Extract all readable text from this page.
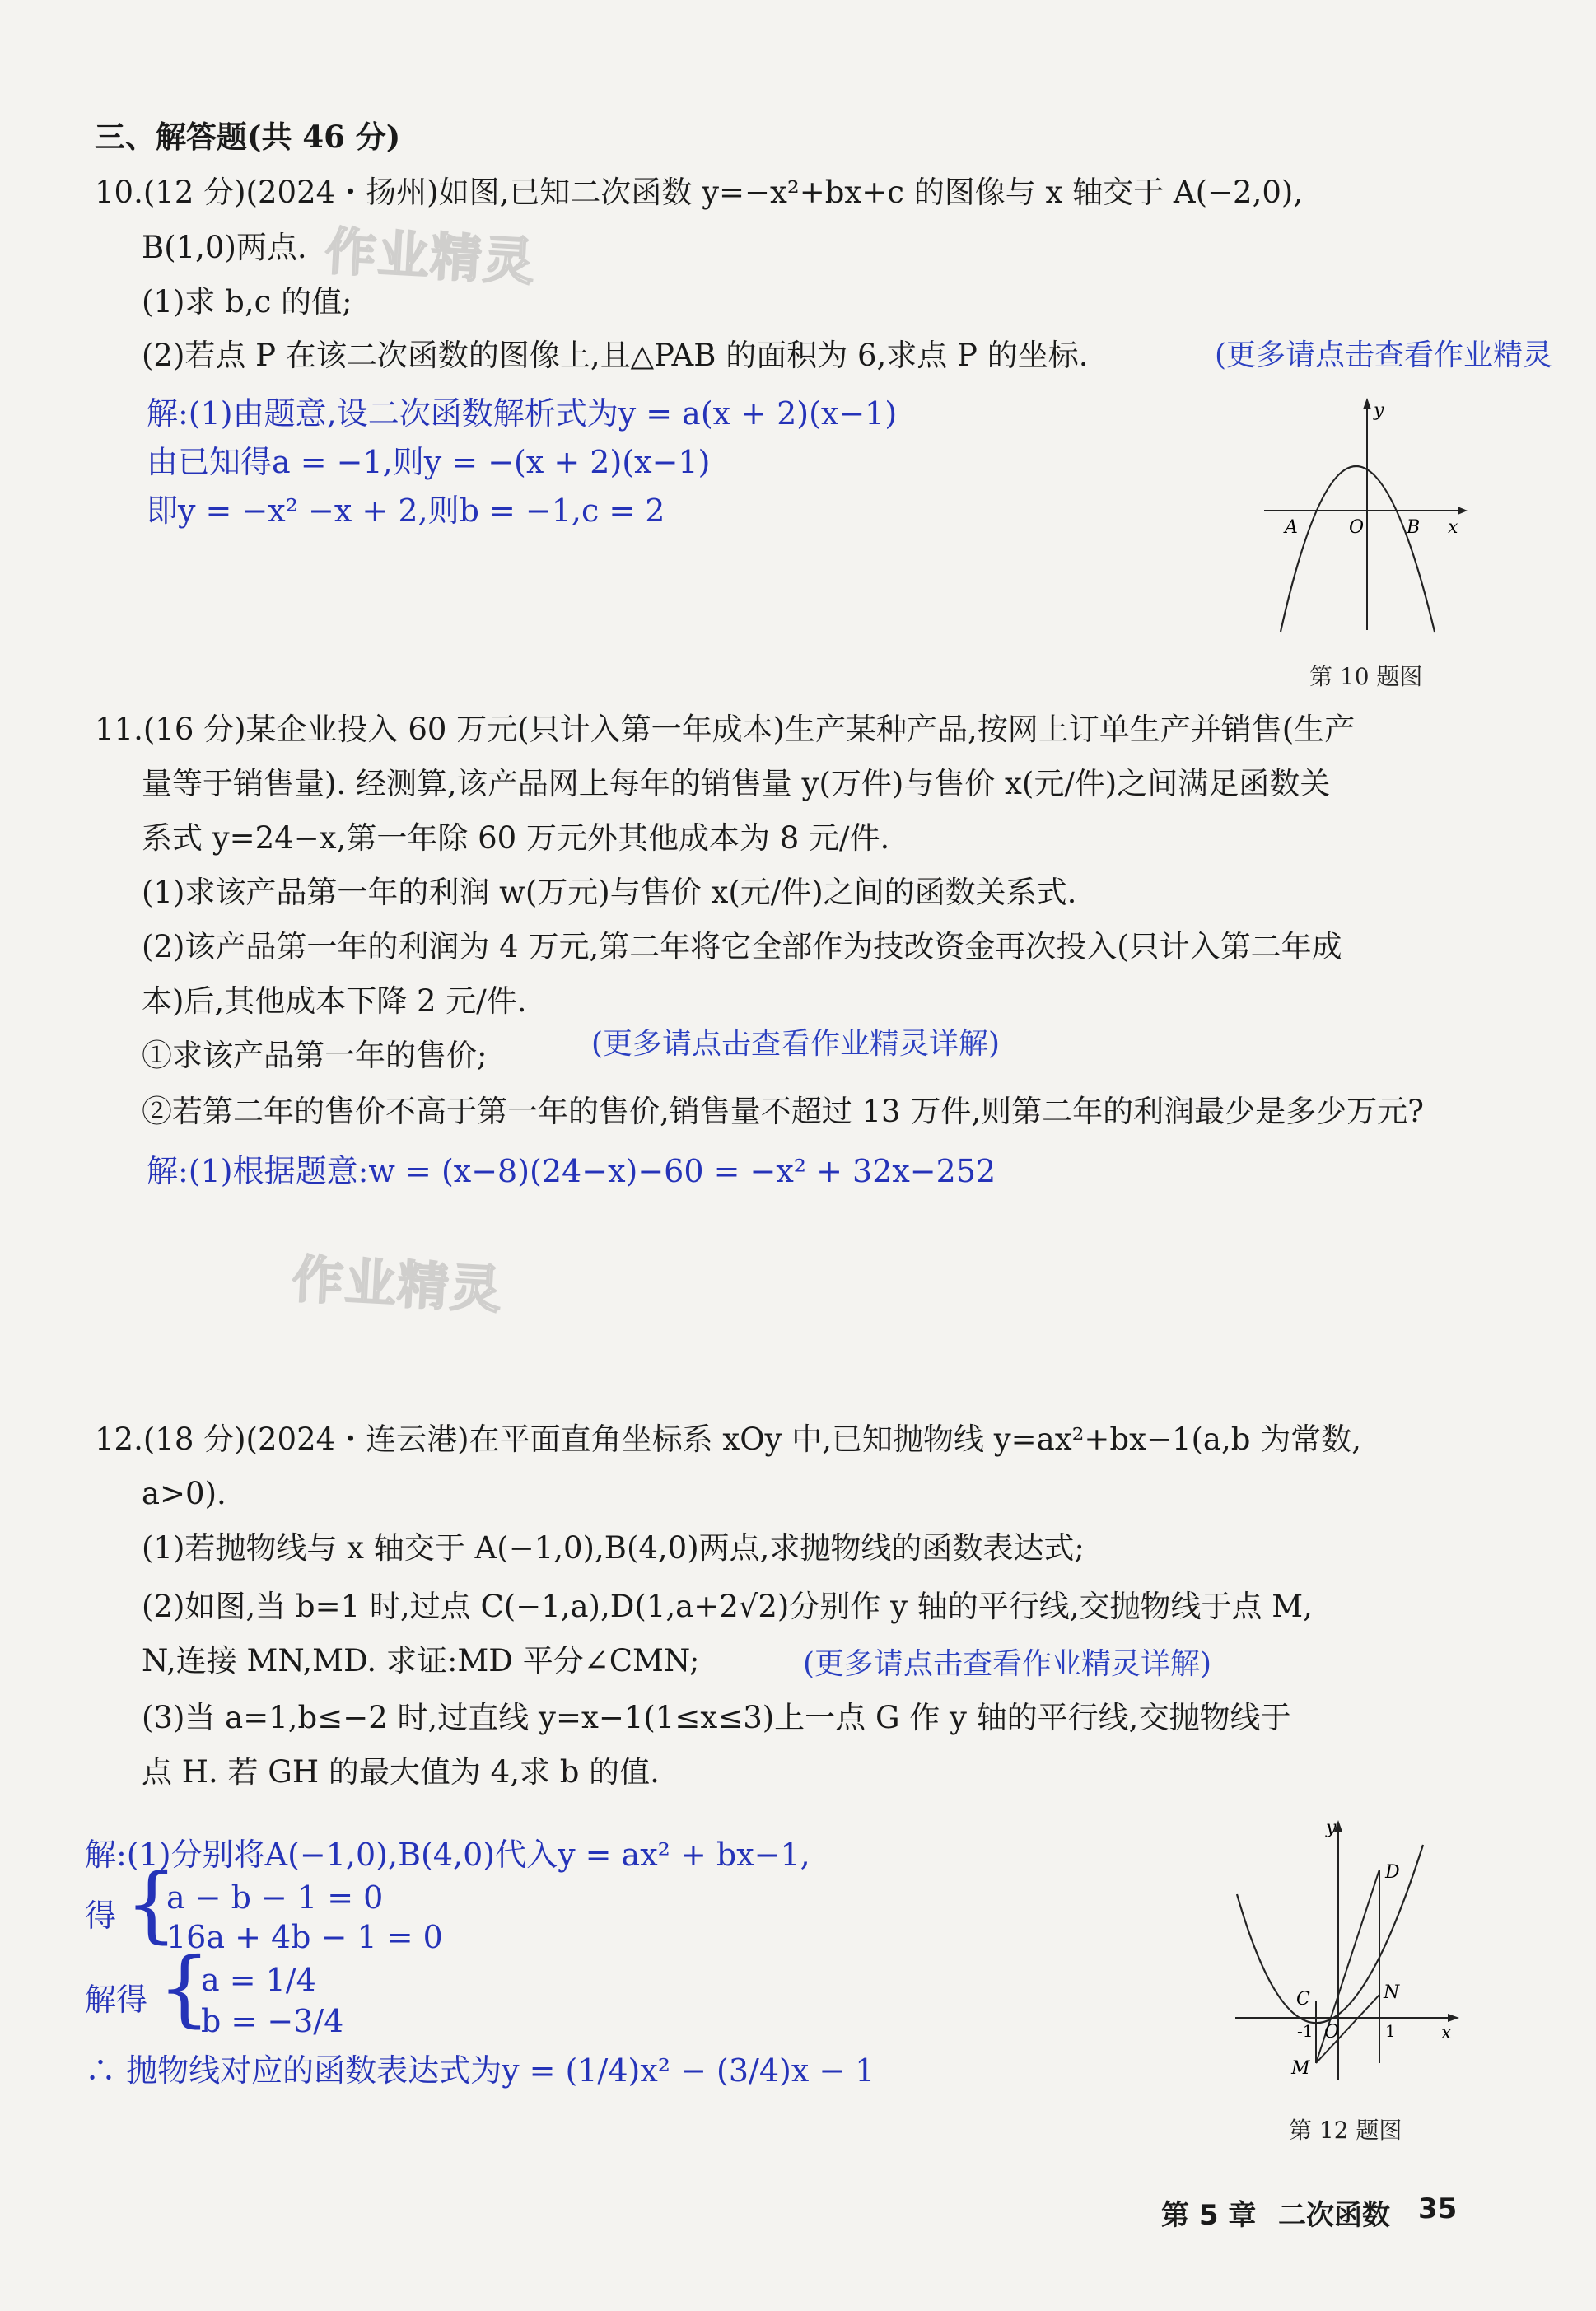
三、解答题(共 46 分)
10.(12 分)(2024・扬州)如图,已知二次函数 y=−x²+bx+c 的图像与 x 轴交于 A(−2,0),
B(1,0)两点. 作业精灵
(1)求 b,c 的值;
(2)若点 P 在该二次函数的图像上,且△PAB 的面积为 6,求点 P 的坐标.	(更多请点击查看作业精灵
解:(1)由题意,设二次函数解析式为y = a(x + 2)(x−1)
由已知得a = −1,则y = −(x + 2)(x−1)
即y = −x² −x + 2,则b = −1,c = 2
y
x
A	O B
第 10 题图
11.(16 分)某企业投入 60 万元(只计入第一年成本)生产某种产品,按网上订单生产并销售(生产
量等于销售量). 经测算,该产品网上每年的销售量 y(万件)与售价 x(元/件)之间满足函数关
系式 y=24−x,第一年除 60 万元外其他成本为 8 元/件.
(1)求该产品第一年的利润 w(万元)与售价 x(元/件)之间的函数关系式.
(2)该产品第一年的利润为 4 万元,第二年将它全部作为技改资金再次投入(只计入第二年成
本)后,其他成本下降 2 元/件.
①求该产品第一年的售价;	(更多请点击查看作业精灵详解)
②若第二年的售价不高于第一年的售价,销售量不超过 13 万件,则第二年的利润最少是多少万元?
解:(1)根据题意:w = (x−8)(24−x)−60 = −x² + 32x−252
作业精灵
12.(18 分)(2024・连云港)在平面直角坐标系 xOy 中,已知抛物线 y=ax²+bx−1(a,b 为常数,
a>0).
(1)若抛物线与 x 轴交于 A(−1,0),B(4,0)两点,求抛物线的函数表达式;
(2)如图,当 b=1 时,过点 C(−1,a),D(1,a+2√2)分别作 y 轴的平行线,交抛物线于点 M,
N,连接 MN,MD. 求证:MD 平分∠CMN;	(更多请点击查看作业精灵详解)
(3)当 a=1,b≤−2 时,过直线 y=x−1(1≤x≤3)上一点 G 作 y 轴的平行线,交抛物线于
点 H. 若 GH 的最大值为 4,求 b 的值.
解:(1)分别将A(−1,0),B(4,0)代入y = ax² + bx−1,
得 {
a − b − 1 = 0
16a + 4b − 1 = 0
解得 {
a = 1/4
b = −3/4
∴ 抛物线对应的函数表达式为y = (1/4)x² − (3/4)x − 1
y
x
D
C	N
O
M
-1	1
第 12 题图
第 5 章 二次函数 35
